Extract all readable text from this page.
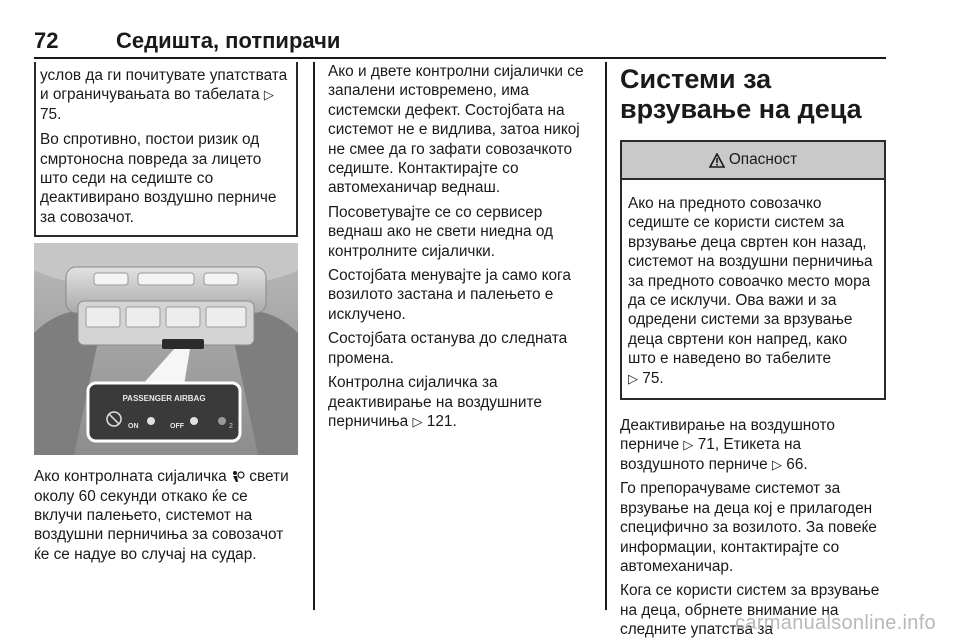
72	Седишта, потпирачи

услов да ги почитувате упатствата и ограничувањата во табелата ▷ 75.

Во спротивно, постои ризик од смртоносна повреда за лицето што седи на седиште со деактивирано воздушно перниче за совозачот.

PASSENGER AIRBAG
ON	OFF	2

Ако контролната сијаличка свети околу 60 секунди откако ќе се вклучи палењето, системот на воздушни перничиња за совозачот ќе се надуе во случај на судар.

Ако и двете контролни сијалички се запалени истовремено, има системски дефект. Состојбата на системот не е видлива, затоа никој не смее да го зафати совозачкото седиште. Контактирајте со автомеханичар веднаш.

Посоветувајте се со сервисер веднаш ако не свети ниедна од контролните сијалички.

Состојбата менувајте ја само кога возилото застана и палењето е исклучено.

Состојбата останува до следната промена.

Контролна сијаличка за деактивирање на воздушните перничиња ▷ 121.

Системи за врзување на деца
Опасност

Ако на предното совозачко седиште се користи систем за врзување деца свртен кон назад, системот на воздушни перничиња за предното совоачко место мора да се исклучи. Ова важи и за одредени системи за врзување деца свртени кон напред, како што е наведено во табелите
▷ 75.

Деактивирање на воздушното перниче ▷ 71, Етикета на воздушното перниче ▷ 66.

Го препорачуваме системот за врзување на деца кој е прилагоден специфично за возилото. За повеќе информации, контактирајте со автомеханичар.

Кога се користи систем за врзување на деца, обрнете внимание на следните упатства за

carmanualsonline.info
